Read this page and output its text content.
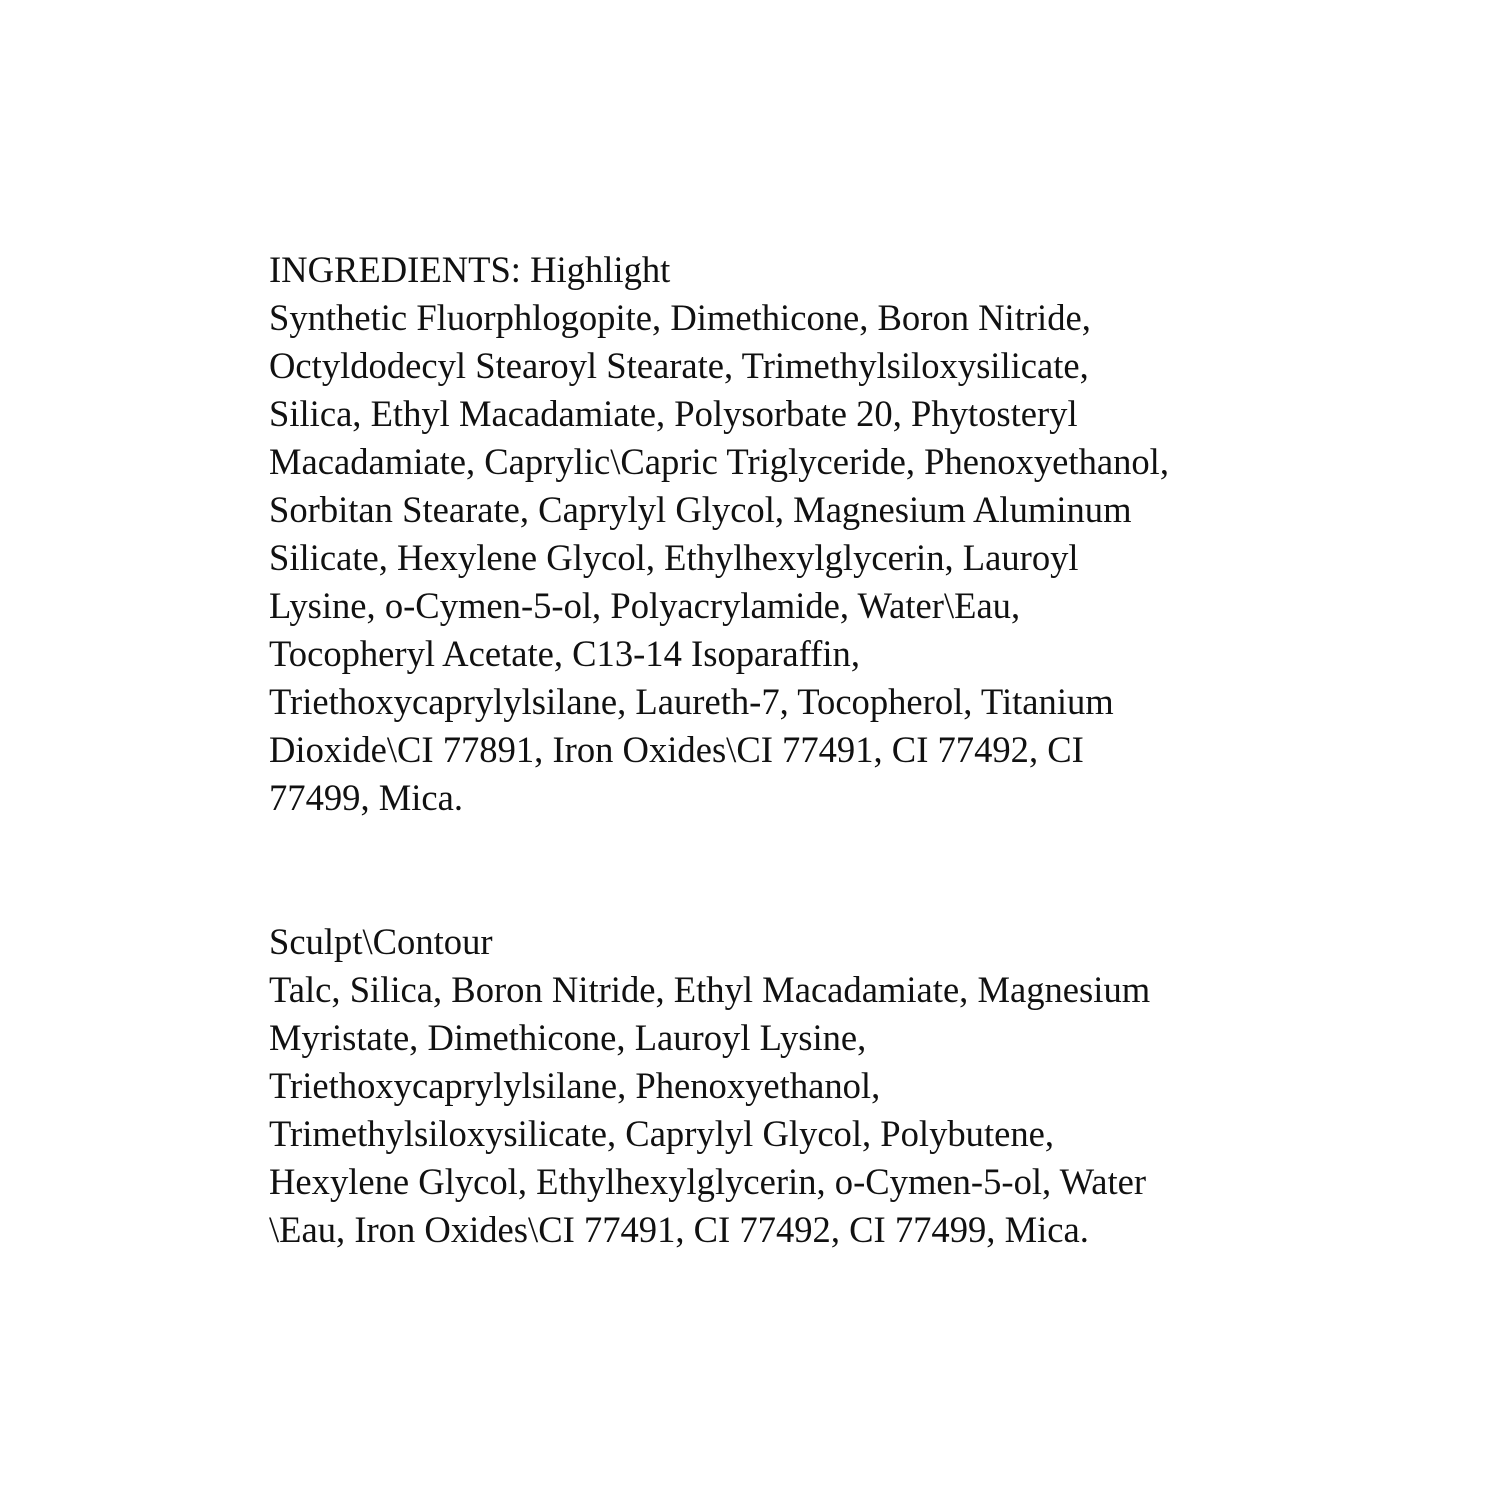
INGREDIENTS: Highlight
Synthetic Fluorphlogopite, Dimethicone, Boron Nitride,
Octyldodecyl Stearoyl Stearate, Trimethylsiloxysilicate,
Silica, Ethyl Macadamiate, Polysorbate 20, Phytosteryl
Macadamiate, Caprylic\Capric Triglyceride, Phenoxyethanol,
Sorbitan Stearate, Caprylyl Glycol, Magnesium Aluminum
Silicate, Hexylene Glycol, Ethylhexylglycerin, Lauroyl
Lysine, o-Cymen-5-ol, Polyacrylamide, Water\Eau,
Tocopheryl Acetate, C13-14 Isoparaffin,
Triethoxycaprylylsilane, Laureth-7, Tocopherol, Titanium
Dioxide\CI 77891, Iron Oxides\CI 77491, CI 77492, CI
77499, Mica.
Sculpt\Contour
Talc, Silica, Boron Nitride, Ethyl Macadamiate, Magnesium
Myristate, Dimethicone, Lauroyl Lysine,
Triethoxycaprylylsilane, Phenoxyethanol,
Trimethylsiloxysilicate, Caprylyl Glycol, Polybutene,
Hexylene Glycol, Ethylhexylglycerin, o-Cymen-5-ol, Water
\Eau, Iron Oxides\CI 77491, CI 77492, CI 77499, Mica.
